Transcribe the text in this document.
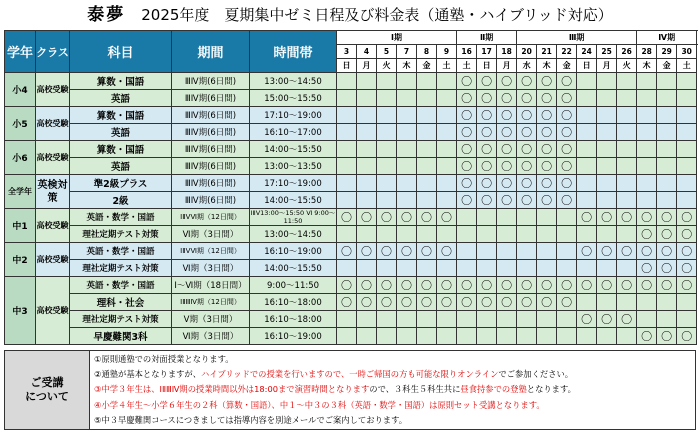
泰夢 2025年度　夏期集中ゼミ日程及び料金表（通塾・ハイブリッド対応）
学年	クラス	科目	期間	時間帯	Ⅰ期						Ⅱ期			Ⅲ期						Ⅳ期		
					3	4	5	7	8	9	16	17	18	20	21	22	24	25	26	28	29	30	
					日	月	火	木	金	土	土	日	月	水	木	金	日	月	火	木	金	土	
小4	高校受験	算数・国語	ⅢⅣ期(6日間)	13:00～14:50							〇	〇	〇	〇	〇	〇							
		英語	ⅢⅣ期(6日間)	15:00～15:50							〇	〇	〇	〇	〇	〇							
小5	高校受験	算数・国語	ⅢⅣ期(6日間)	17:10～19:00							〇	〇	〇	〇	〇	〇							
		英語	ⅢⅣ期(6日間)	16:10～17:00							〇	〇	〇	〇	〇	〇							
小6	高校受験	算数・国語	ⅢⅣ期(6日間)	14:00～15:50							〇	〇	〇	〇	〇	〇							
		英語	ⅢⅣ期(6日間)	13:00～13:50							〇	〇	〇	〇	〇	〇							
全学年	英検対策	準2級プラス	ⅢⅣ期(6日間)	17:10～19:00							〇	〇	〇	〇	〇	〇							
		2級	ⅢⅣ期(6日間)	14:00～15:50							〇	〇	〇	〇	〇	〇							
中1	高校受験	英語・数学・国語	ⅠⅡⅤⅥ期（12日間）	ⅠⅡⅤ13:00～15:50 Ⅵ 9:00～11:50	〇	〇	〇	〇	〇	〇							〇	〇	〇	〇	〇	〇	
		理社定期テスト対策	Ⅵ期（3日間）	13:00～14:50																〇	〇	〇	
中2	高校受験	英語・数学・国語	ⅠⅡⅤⅥ期（12日間）	16:10～19:00	〇	〇	〇	〇	〇	〇							〇	〇	〇	〇	〇	〇	
		理社定期テスト対策	Ⅵ期（3日間）	14:00～15:50																〇	〇	〇	
中3	高校受験	英語・数学・国語	Ⅰ～Ⅵ期（18日間）	9:00～11:50	〇	〇	〇	〇	〇	〇	〇	〇	〇	〇	〇	〇	〇	〇	〇	〇	〇	〇	
		理科・社会	ⅠⅡⅢⅣ期（12日間）	16:10～18:00	〇	〇	〇	〇	〇	〇	〇	〇	〇	〇	〇	〇							
		理社定期テスト対策	Ⅴ期（3日間）	16:10～18:00													〇	〇	〇				
		早慶難関3科	Ⅵ期（3日間）	16:10～19:00																〇	〇	〇	
ご受講
について

①原則通塾での対面授業となります。
②通塾が基本となりますが、ハイブリッドでの授業を行いますので、一時ご帰国の方も可能な限りオンラインでご参加ください。
③中学３年生は、ⅠⅡⅢⅣ期の授業時間以外は18:00まで演習時間となりますので、３科生５科生共に昼食持参での登塾となります。
④小学４年生～小学６年生の２科（算数・国語）、中１～中３の３科（英語・数学・国語）は原則セット受講となります。
⑤中３早慶難関コースにつきましては指導内容を別途メールでご案内しております。
